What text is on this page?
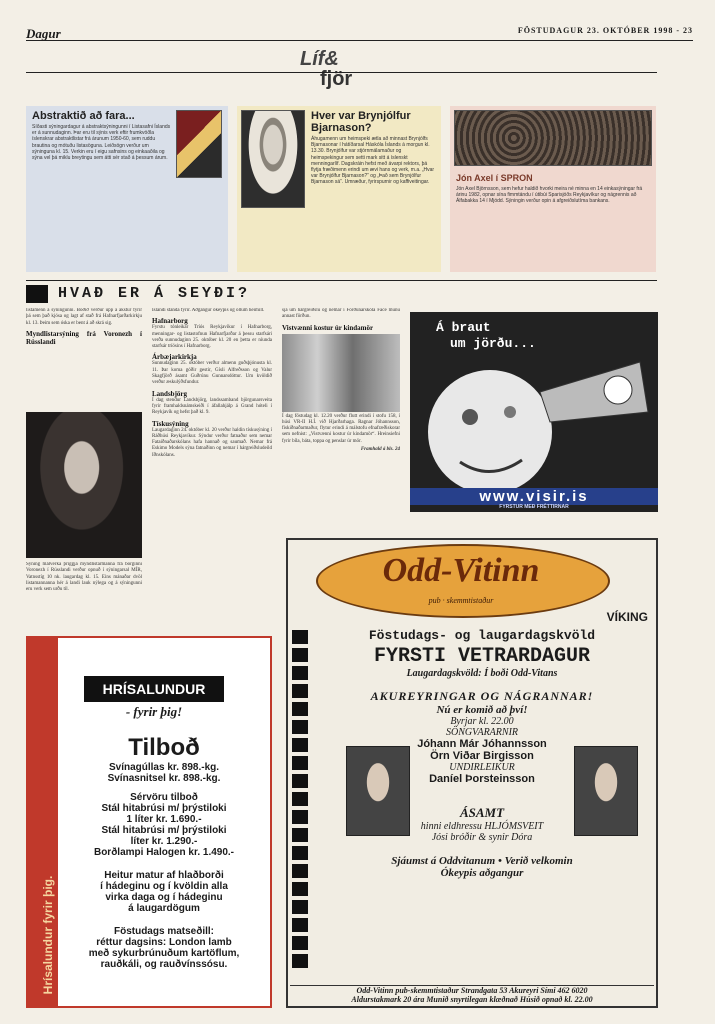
Dagur	FÖSTUDAGUR 23. OKTÓBER 1998 - 23
Líf&
fjör
Abstraktið að fara...
Síðasti sýningardagur á abstraktsýningunni í Listasafni Íslands er á sunnudaginn. Þar eru til sýnis verk eftir frumkvöðla íslenskrar abstraktlistar frá árunum 1950-60, sem ruddu brautina og mótuðu listasöguna. Leiðsögn verður um sýninguna kl. 15. Verkin eru í eigu safnsins og einkaaðila og sýna vel þá miklu breytingu sem átti sér stað á þessum árum.
Hver var Brynjólfur Bjarnason?
Áhugamenn um heimspeki ætla að minnast Brynjólfs Bjarnasonar í hátíðarsal Háskóla Íslands á morgun kl. 13.30. Brynjólfur var stjórnmálamaður og heimspekingur sem setti mark sitt á íslenskt menningarlíf. Dagskráin hefst með ávarpi rektors, þá flytja fræðimenn erindi um ævi hans og verk, m.a. „Hvar var Brynjólfur Bjarnason?“ og „Það sem Brynjólfur Bjarnason sá“. Umræður, fyrirspurnir og kaffiveitingar.	Jón Axel í SPRON
Jón Axel Björnsson, sem hefur haldið hvorki meira né minna en 14 einkasýningar frá árinu 1982, opnar sína fimmtándu í útibúi Sparisjóðs Reykjavíkur og nágrennis að Álfabakka 14 í Mjódd. Sýningin verður opin á afgreiðslutíma bankans.
HVAÐ ER Á SEYÐI?
listamenn á sýningunni. Boðið verður upp á akstur fyrir þá sem það kjósa og lagt af stað frá Hafnarfjarðarkirkju kl. 13. Þeim sem óska er bent á að skrá sig.
Myndlistarsýning frá Voronezh í Rússlandi
Sýning málverka þriggja myndlistarmanna frá borginni Voronezh í Rússlandi verður opnuð í sýningarsal MÍR, Vatnsstíg 10 nk. laugardag kl. 15. Eins mánaðar dvöl listamannanna hér á landi lauk nýlega og á sýningunni eru verk sem urðu til.
Íslandi standa fyrir. Aðgangur ókeypis og öllum heimill.
Hafnarborg
Fyrstu tónleikar Tríós Reykjavíkur í Hafnarborg, menningar- og listastofnun Hafnarfjarðar á þessu starfsári verða sunnudaginn 25. október kl. 20 en þetta er níunda starfsár tríósins í Hafnarborg.
Árbæjarkirkja
Sunnudaginn 25. október verður almenn guðsþjónusta kl. 11. Þar koma góðir gestir, Gísli Alfreðsson og Valur Skagfjörð ásamt Guðrúnu Gunnarsdóttur. Um kvöldið verður æskulýðsfundur.
Landsbjörg
Í dag stendur Landsbjörg, landssamband björgunarsveita fyrir framhaldsnámskeiði í áfallahjálp á Grand hóteli í Reykjavík og hefst það kl. 9.
Tískusýning
Laugardaginn 24. október kl. 20 verður haldin tískusýning í Ráðhúsi Reykjavíkur. Sýndur verður fatnaður sem nemar Fataiðnaðarskólans hafa hannað og saumað. Nemar frá Eskimo Models sýna fatnaðinn og nemar í hárgreiðsludeild Iðnskólans.
sjá um hárgreiðslu og nemar í Förðunarskóla Face munu annast förðun.
Vistvænni kostur úr kindamör
Í dag föstudag kl. 12.20 verður flutt erindi í stofu 158, í húsi VR-II H.Í. við Hjarðarhaga. Ragnar Jóhannsson, fiskiðnaðarmaður, flytur erindi á málstofu efnafræðiskorar sem nefnist: „Vistvænni kostur úr kindamör“. Hreinsiefni fyrir bíla, báta, toppa og penslar úr mör.
Framhald á bls. 24
Á braut
um jörðu...
www.visir.is
FYRSTUR MEÐ FRÉTTIRNAR
Odd-Vitinn
pub · skemmtistaður
VÍKING
Föstudags- og laugardagskvöld
FYRSTI VETRARDAGUR
Laugardagskvöld: Í boði Odd-Vitans
AKUREYRINGAR OG NÁGRANNAR!
Nú er komið að því!
Byrjar kl. 22.00
SÖNGVARARNIR
Jóhann Már Jóhannsson
Örn Viðar Birgisson
UNDIRLEIKUR
Daníel Þorsteinsson
ÁSAMT
hinni eldhressu HLJÓMSVEIT
Jósi bróðir & synir Dóra
Sjáumst á Oddvitanum • Verið velkomin
Ókeypis aðgangur
Odd-Vitinn pub-skemmtistaður Strandgata 53 Akureyri Sími 462 6020
Aldurstakmark 20 ára Munið snyrtilegan klæðnað Húsið opnað kl. 22.00
Hrísalundur fyrir þig.
HRÍSALUNDUR
- fyrir þig!
Tilboð
Svínagúllas kr. 898.-kg.
Svínasnitsel kr. 898.-kg.
Sérvöru tilboð
Stál hitabrúsi m/ þrýstiloki
1 líter kr. 1.690.-
Stál hitabrúsi m/ þrýstiloki
líter kr. 1.290.-
Borðlampi Halogen kr. 1.490.-
Heitur matur af hlaðborði
í hádeginu og í kvöldin alla
virka daga og í hádeginu
á laugardögum
Föstudags matseðill:
réttur dagsins: London lamb
með sykurbrúnuðum kartöflum,
rauðkáli, og rauðvínssósu.
